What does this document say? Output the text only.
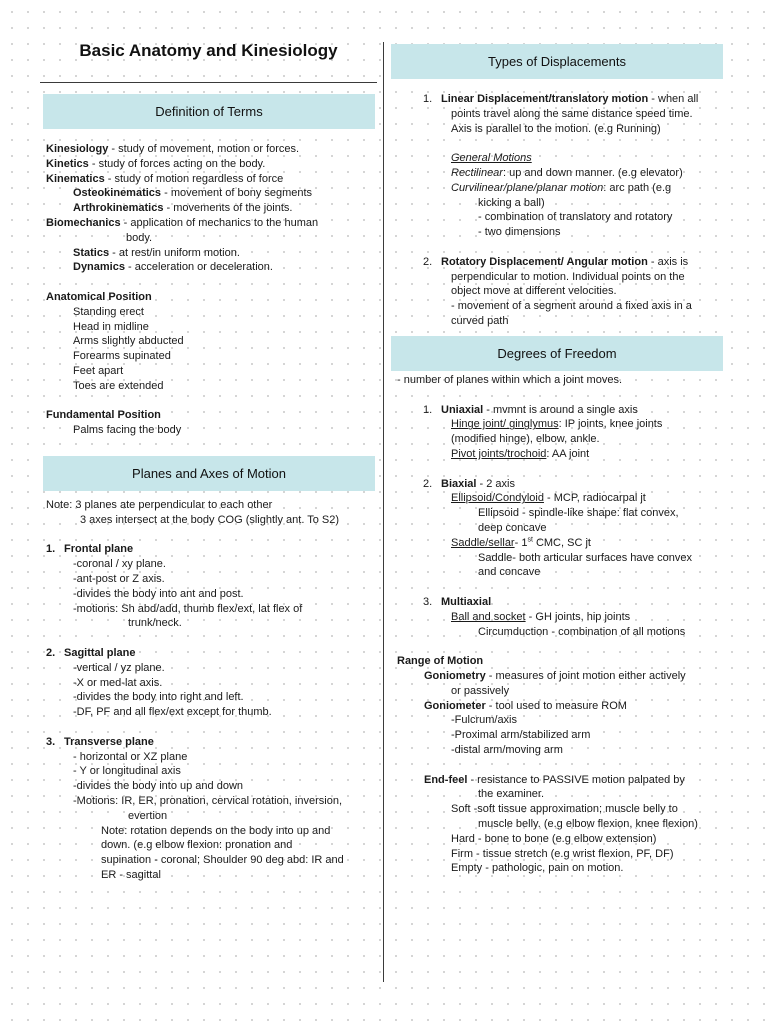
Basic Anatomy and Kinesiology
Definition of Terms
Kinesiology - study of movement, motion or forces.
Kinetics - study of forces acting on the body.
Kinematics - study of motion regardless of force
Osteokinematics - movement of bony segments
Arthrokinematics - movements of the joints.
Biomechanics - application of mechanics to the human
body.
Statics - at rest/in uniform motion.
Dynamics - acceleration or deceleration.
Anatomical Position
Standing erect
Head in midline
Arms slightly abducted
Forearms supinated
Feet apart
Toes are extended
Fundamental Position
Palms facing the body
Planes and Axes of Motion
Note: 3 planes ate perpendicular to each other
3 axes intersect at the body COG (slightly ant. To S2)
1. Frontal plane
-coronal / xy plane.
-ant-post or Z axis.
-divides the body into ant and post.
-motions: Sh abd/add, thumb flex/ext, lat flex of
trunk/neck.
2. Sagittal plane
-vertical / yz plane.
-X or med-lat axis.
-divides the body into right and left.
-DF, PF and all flex/ext except for thumb.
3. Transverse plane
- horizontal or XZ plane
- Y or longitudinal axis
-divides the body into up and down
-Motions: IR, ER, pronation, cervical rotation, inversion,
evertion
Note: rotation depends on the body into up and
down. (e.g elbow flexion: pronation and
supination - coronal; Shoulder 90 deg abd: IR and
ER - sagittal
Types of Displacements
1. Linear Displacement/translatory motion - when all
points travel along the same distance speed time.
Axis is parallel to the motion. (e.g Running)
General Motions
Rectilinear: up and down manner. (e.g elevator)
Curvilinear/plane/planar motion: arc path (e.g
kicking a ball)
- combination of translatory and rotatory
- two dimensions
2. Rotatory Displacement/ Angular motion - axis is
perpendicular to motion. Individual points on the
object move at different velocities.
- movement of a segment around a fixed axis in a
curved path
Degrees of Freedom
- number of planes within which a joint moves.
1. Uniaxial - mvmnt is around a single axis
Hinge joint/ ginglymus: IP joints, knee joints
(modified hinge), elbow, ankle.
Pivot joints/trochoid: AA joint
2. Biaxial - 2 axis
Ellipsoid/Condyloid - MCP, radiocarpal jt
Ellipsoid - spindle-like shape: flat convex,
deep concave
Saddle/sellar- 1st CMC, SC jt
Saddle- both articular surfaces have convex
and concave
3. Multiaxial
Ball and socket - GH joints, hip joints
Circumduction - combination of all motions
Range of Motion
Goniometry - measures of joint motion either actively
or passively
Goniometer - tool used to measure ROM
-Fulcrum/axis
-Proximal arm/stabilized arm
-distal arm/moving arm
End-feel - resistance to PASSIVE motion palpated by
the examiner.
Soft -soft tissue approximation; muscle belly to
muscle belly. (e.g elbow flexion, knee flexion)
Hard - bone to bone (e.g elbow extension)
Firm - tissue stretch (e.g wrist flexion, PF, DF)
Empty - pathologic, pain on motion.
